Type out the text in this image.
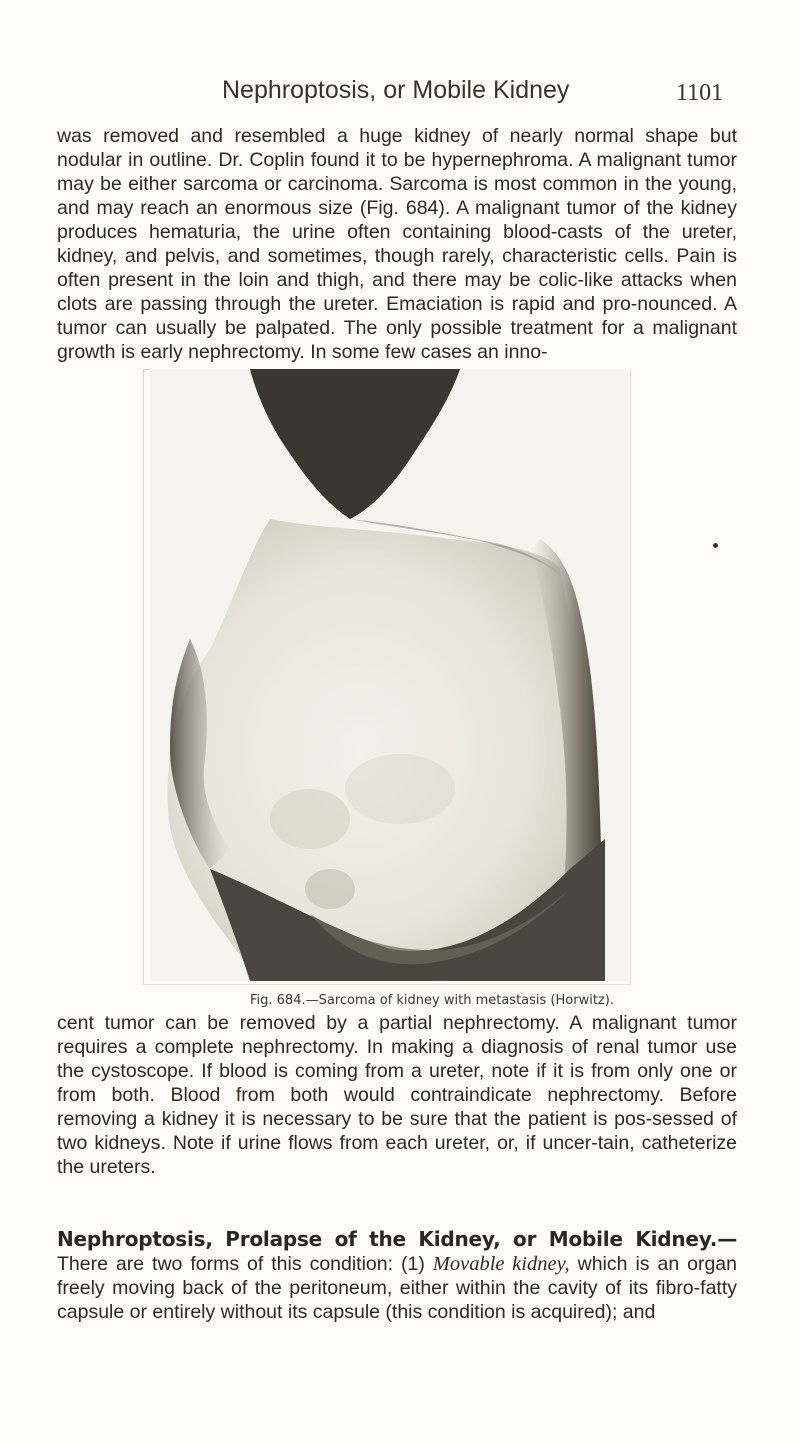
Nephroptosis, or Mobile Kidney	1101

was removed and resembled a huge kidney of nearly normal shape but nodular in outline. Dr. Coplin found it to be hypernephroma. A malignant tumor may be either sarcoma or carcinoma. Sarcoma is most common in the young, and may reach an enormous size (Fig. 684). A malignant tumor of the kidney produces hematuria, the urine often containing blood-casts of the ureter, kidney, and pelvis, and sometimes, though rarely, characteristic cells. Pain is often present in the loin and thigh, and there may be colic-like attacks when clots are passing through the ureter. Emaciation is rapid and pro-nounced. A tumor can usually be palpated. The only possible treatment for a malignant growth is early nephrectomy. In some few cases an inno-

Fig. 684.—Sarcoma of kidney with metastasis (Horwitz).

cent tumor can be removed by a partial nephrectomy. A malignant tumor requires a complete nephrectomy. In making a diagnosis of renal tumor use the cystoscope. If blood is coming from a ureter, note if it is from only one or from both. Blood from both would contraindicate nephrectomy. Before removing a kidney it is necessary to be sure that the patient is pos-sessed of two kidneys. Note if urine flows from each ureter, or, if uncer-tain, catheterize the ureters.

Nephroptosis, Prolapse of the Kidney, or Mobile Kidney.— There are two forms of this condition: (1) Movable kidney, which is an organ freely moving back of the peritoneum, either within the cavity of its fibro-fatty capsule or entirely without its capsule (this condition is acquired); and
